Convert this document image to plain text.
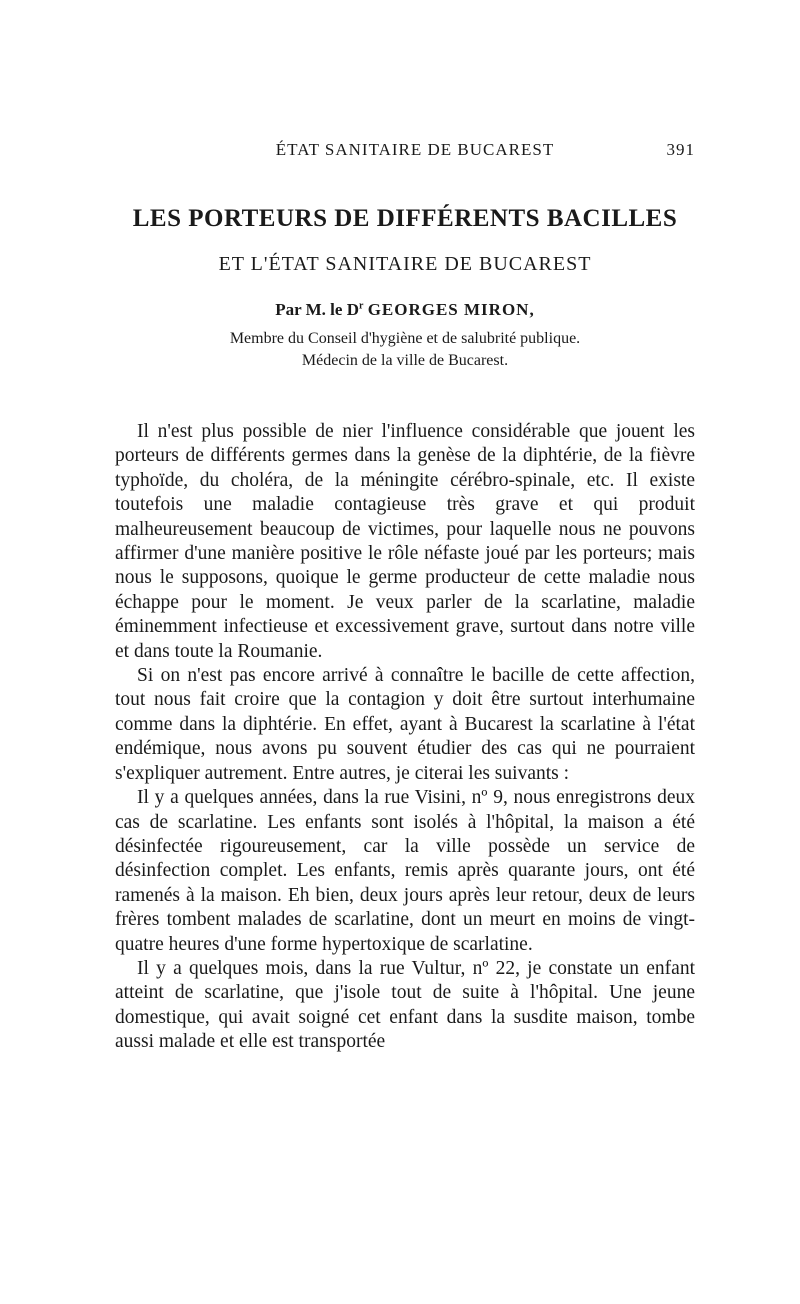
ÉTAT SANITAIRE DE BUCAREST	391
LES PORTEURS DE DIFFÉRENTS BACILLES
ET L'ÉTAT SANITAIRE DE BUCAREST
Par M. le $D^r$ GEORGES MIRON,
Membre du Conseil d'hygiène et de salubrité publique.
Médecin de la ville de Bucarest.

Il n'est plus possible de nier l'influence considérable que jouent les porteurs de différents germes dans la genèse de la diphtérie, de la fièvre typhoïde, du choléra, de la méningite cérébro-spinale, etc. Il existe toutefois une maladie contagieuse très grave et qui produit malheureusement beaucoup de victimes, pour laquelle nous ne pouvons affirmer d'une manière positive le rôle néfaste joué par les porteurs; mais nous le supposons, quoique le germe producteur de cette maladie nous échappe pour le moment. Je veux parler de la scarlatine, maladie éminemment infectieuse et excessivement grave, surtout dans notre ville et dans toute la Roumanie.

Si on n'est pas encore arrivé à connaître le bacille de cette affection, tout nous fait croire que la contagion y doit être surtout interhumaine comme dans la diphtérie. En effet, ayant à Bucarest la scarlatine à l'état endémique, nous avons pu souvent étudier des cas qui ne pourraient s'expliquer autrement. Entre autres, je citerai les suivants :

Il y a quelques années, dans la rue Visini, nº 9, nous enregistrons deux cas de scarlatine. Les enfants sont isolés à l'hôpital, la maison a été désinfectée rigoureusement, car la ville possède un service de désinfection complet. Les enfants, remis après quarante jours, ont été ramenés à la maison. Eh bien, deux jours après leur retour, deux de leurs frères tombent malades de scarlatine, dont un meurt en moins de vingt-quatre heures d'une forme hypertoxique de scarlatine.

Il y a quelques mois, dans la rue Vultur, nº 22, je constate un enfant atteint de scarlatine, que j'isole tout de suite à l'hôpital. Une jeune domestique, qui avait soigné cet enfant dans la susdite maison, tombe aussi malade et elle est transportée
